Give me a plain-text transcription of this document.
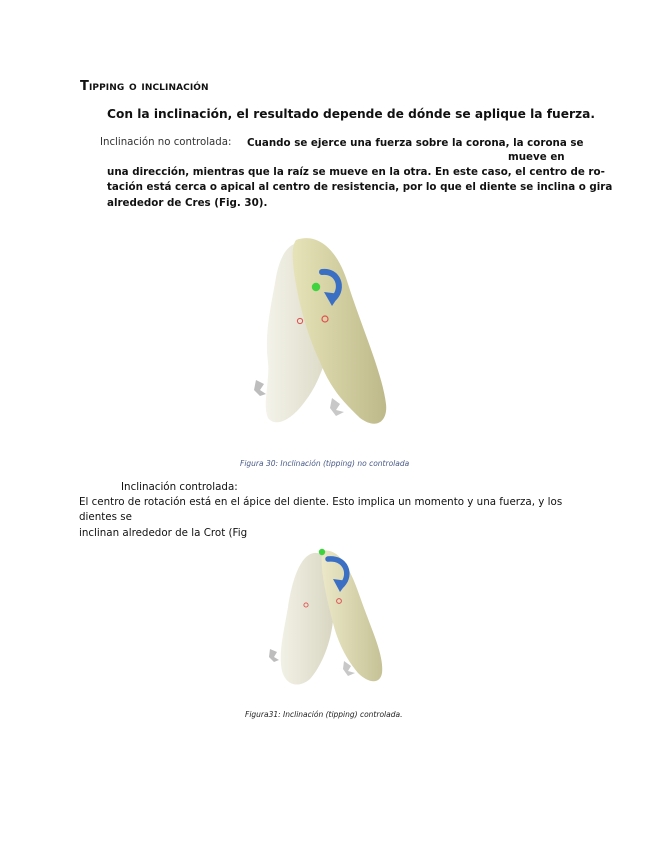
Tipping o inclinación
Con la inclinación, el resultado depende de dónde se aplique la fuerza.
Inclinación no controlada: Cuando se ejerce una fuerza sobre la corona, la corona se
mueve en
una dirección, mientras que la raíz se mueve en la otra. En este caso, el centro de ro-
tación está cerca o apical al centro de resistencia, por lo que el diente se inclina o gira
alrededor de Cres (Fig. 30).
Figura 30: Inclinación (tipping) no controlada
Inclinación controlada:
El centro de rotación está en el ápice del diente. Esto implica un momento y una fuerza, y los
dientes se
inclinan alrededor de la Crot (Fig
Figura31: Inclinación (tipping) controlada.
